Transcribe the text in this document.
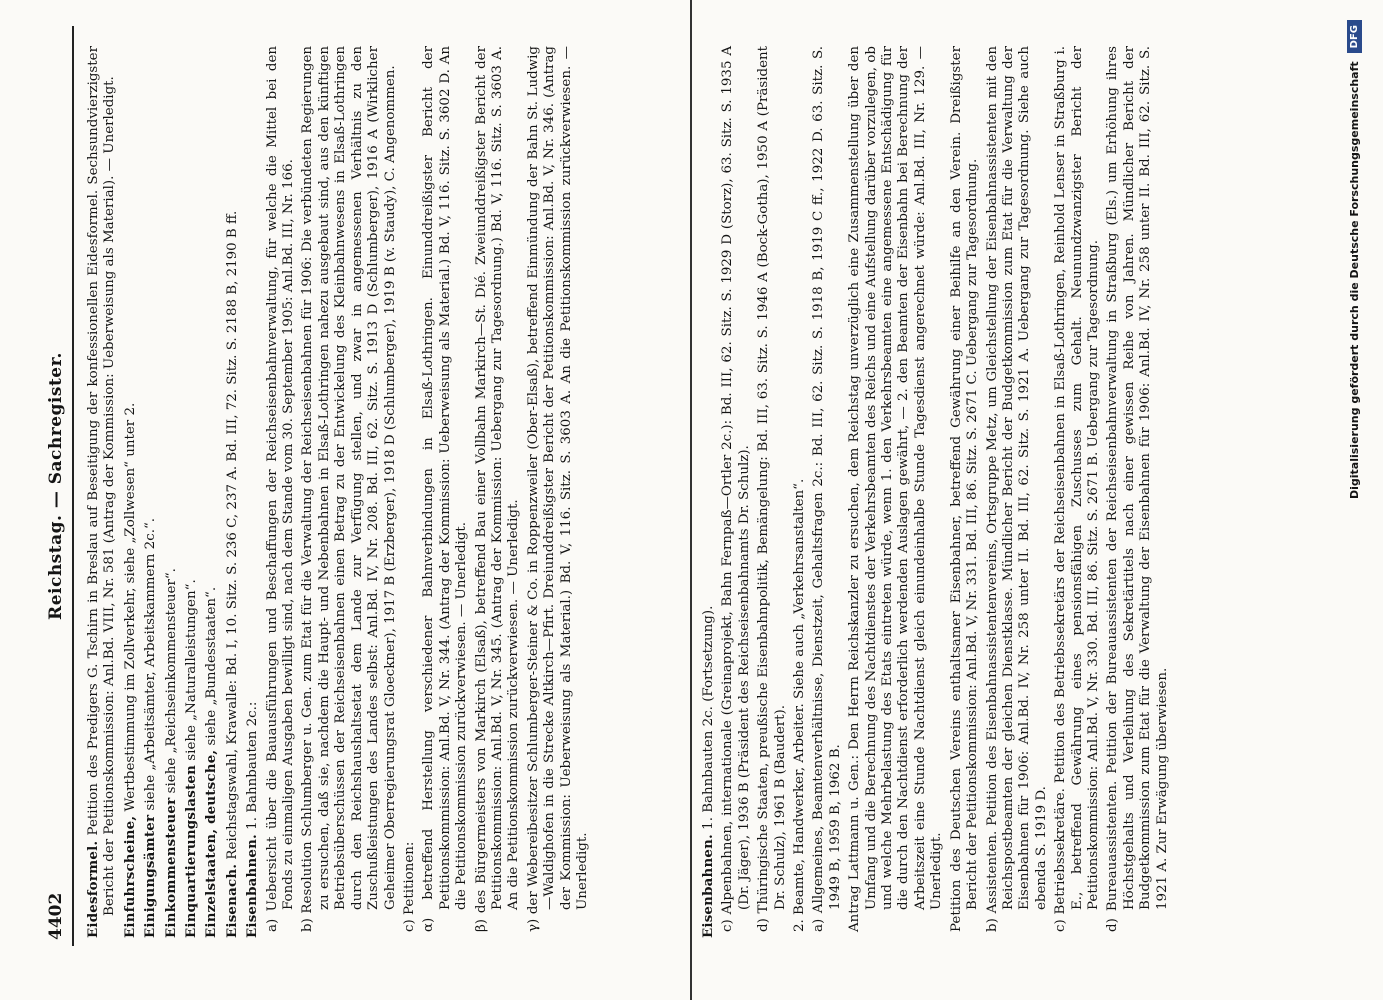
4402
Reichstag. — Sachregister.
Eidesformel. Petition des Predigers G. Tschirn in Breslau auf Beseitigung der konfessionellen Eidesformel. Sechsundvierzigster Bericht der Petitionskommission: Anl.Bd. VIII, Nr. 581 (Antrag der Kommission: Ueberweisung als Material). — Unerledigt. Einfuhrscheine, Wertbestimmung im Zollverkehr, siehe „Zollwesen“ unter 2.
Einigungsämter siehe „Arbeitsämter, Arbeitskammern 2c.“.
Einkommensteuer siehe „Reichseinkommensteuer“.
Einquartierungslasten siehe „Naturalleistungen“.
Einzelstaaten, deutsche, siehe „Bundesstaaten“.
Eisenach. Reichstagswahl, Krawalle: Bd. I, 10. Sitz. S. 236 C, 237 A. Bd. III, 72. Sitz. S. 2188 B, 2190 B ff.
Eisenbahnen. 1. Bahnbauten 2c.: a) Uebersicht über die Bauausführungen und Beschaffungen der Reichseisenbahnverwaltung, für welche die Mittel bei den Fonds zu einmaligen Ausgaben bewilligt sind, nach dem Stande vom 30. September 1905: Anl.Bd. III, Nr. 166. b) Resolution Schlumberger u. Gen. zum Etat für die Verwaltung der Reichseisenbahnen für 1906: Die verbündeten Regierungen zu ersuchen, daß sie, nachdem die Haupt- und Nebenbahnen in Elsaß-Lothringen nahezu ausgebaut sind, aus den künftigen Betriebsüberschüssen der Reichseisenbahnen einen Betrag zu der Entwickelung des Kleinbahnwesens in Elsaß-Lothringen durch den Reichshaushaltsetat dem Lande zur Verfügung stellen, und zwar in angemessenen Verhältnis zu den Zuschußleistungen des Landes selbst: Anl.Bd. IV, Nr. 208. Bd. III, 62. Sitz. S. 1913 D (Schlumberger), 1916 A (Wirklicher Geheimer Oberregierungsrat Gloeckner), 1917 B (Erzberger), 1918 D (Schlumberger), 1919 B (v. Staudy), C. Angenommen. c) Petitionen: α) betreffend Herstellung verschiedener Bahnverbindungen in Elsaß-Lothringen. Einunddreißigster Bericht der Petitionskommission: Anl.Bd. V, Nr. 344. (Antrag der Kommission: Ueberweisung als Material.) Bd. V, 116. Sitz. S. 3602 D. An die Petitionskommission zurückverwiesen. — Unerledigt. β) des Bürgermeisters von Markirch (Elsaß), betreffend Bau einer Vollbahn Markirch—St. Dié. Zweiunddreißigster Bericht der Petitionskommission: Anl.Bd. V, Nr. 345. (Antrag der Kommission: Uebergang zur Tagesordnung.) Bd. V, 116. Sitz. S. 3603 A. An die Petitionskommission zurückverwiesen. — Unerledigt. γ) der Webereibesitzer Schlumberger-Steiner & Co. in Roppenzweiler (Ober-Elsaß), betreffend Einmündung der Bahn St. Ludwig—Waldighofen in die Strecke Altkirch—Pfirt. Dreiunddreißigster Bericht der Petitionskommission: Anl.Bd. V, Nr. 346. (Antrag der Kommission: Ueberweisung als Material.) Bd. V, 116. Sitz. S. 3603 A. An die Petitionskommission zurückverwiesen. — Unerledigt.	Eisenbahnen. 1. Bahnbauten 2c. (Fortsetzung). c) Alpenbahnen, internationale (Greinaprojekt, Bahn Fernpaß—Ortler 2c.): Bd. III, 62. Sitz. S. 1929 D (Storz), 63. Sitz. S. 1935 A (Dr. Jäger), 1936 B (Präsident des Reichseisenbahnamts Dr. Schulz). d) Thüringische Staaten, preußische Eisenbahnpolitik, Bemängelung: Bd. III, 63. Sitz. S. 1946 A (Bock-Gotha), 1950 A (Präsident Dr. Schulz), 1961 B (Baudert). 2. Beamte, Handwerker, Arbeiter. Siehe auch „Verkehrsanstalten“. a) Allgemeines, Beamtenverhältnisse, Dienstzeit, Gehaltsfragen 2c.: Bd. III, 62. Sitz. S. 1918 B, 1919 C ff., 1922 D. 63. Sitz. S. 1949 B, 1959 B, 1962 B. Antrag Lattmann u. Gen.: Den Herrn Reichskanzler zu ersuchen, dem Reichstag unverzüglich eine Zusammenstellung über den Umfang und die Berechnung des Nachtdienstes der Verkehrsbeamten des Reichs und eine Aufstellung darüber vorzulegen, ob und welche Mehrbelastung des Etats eintreten würde, wenn 1. den Verkehrsbeamten eine angemessene Entschädigung für die durch den Nachtdienst erforderlich werdenden Auslagen gewährt, — 2. den Beamten der Eisenbahn bei Berechnung der Arbeitszeit eine Stunde Nachtdienst gleich einundeinhalbe Stunde Tagesdienst angerechnet würde: Anl.Bd. III, Nr. 129. — Unerledigt. Petition des Deutschen Vereins enthaltsamer Eisenbahner, betreffend Gewährung einer Beihilfe an den Verein. Dreißigster Bericht der Petitionskommission: Anl.Bd. V, Nr. 331. Bd. III, 86. Sitz. S. 2671 C. Uebergang zur Tagesordnung. b) Assistenten. Petition des Eisenbahnassistentenvereins, Ortsgruppe Metz, um Gleichstellung der Eisenbahnassistenten mit den Reichspostbeamten der gleichen Dienstklasse. Mündlicher Bericht der Budgetkommission zum Etat für die Verwaltung der Eisenbahnen für 1906: Anl.Bd. IV, Nr. 258 unter II. Bd. III, 62. Sitz. S. 1921 A. Uebergang zur Tagesordnung. Siehe auch ebenda S. 1919 D. c) Betriebssekretäre. Petition des Betriebssekretärs der Reichseisenbahnen in Elsaß-Lothringen, Reinhold Lenser in Straßburg i. E., betreffend Gewährung eines pensionsfähigen Zuschusses zum Gehalt. Neunundzwanzigster Bericht der Petitionskommission: Anl.Bd. V, Nr. 330. Bd. III, 86. Sitz. S. 2671 B. Uebergang zur Tagesordnung. d) Bureauassistenten. Petition der Bureauassistenten der Reichseisenbahnverwaltung in Straßburg (Els.) um Erhöhung ihres Höchstgehalts und Verleihung des Sekretärtitels nach einer gewissen Reihe von Jahren. Mündlicher Bericht der Budgetkommission zum Etat für die Verwaltung der Eisenbahnen für 1906: Anl.Bd. IV, Nr. 258 unter II. Bd. III, 62. Sitz. S. 1921 A. Zur Erwägung überwiesen.
Digitalisierung gefördert durch die Deutsche Forschungsgemeinschaft
DFG
